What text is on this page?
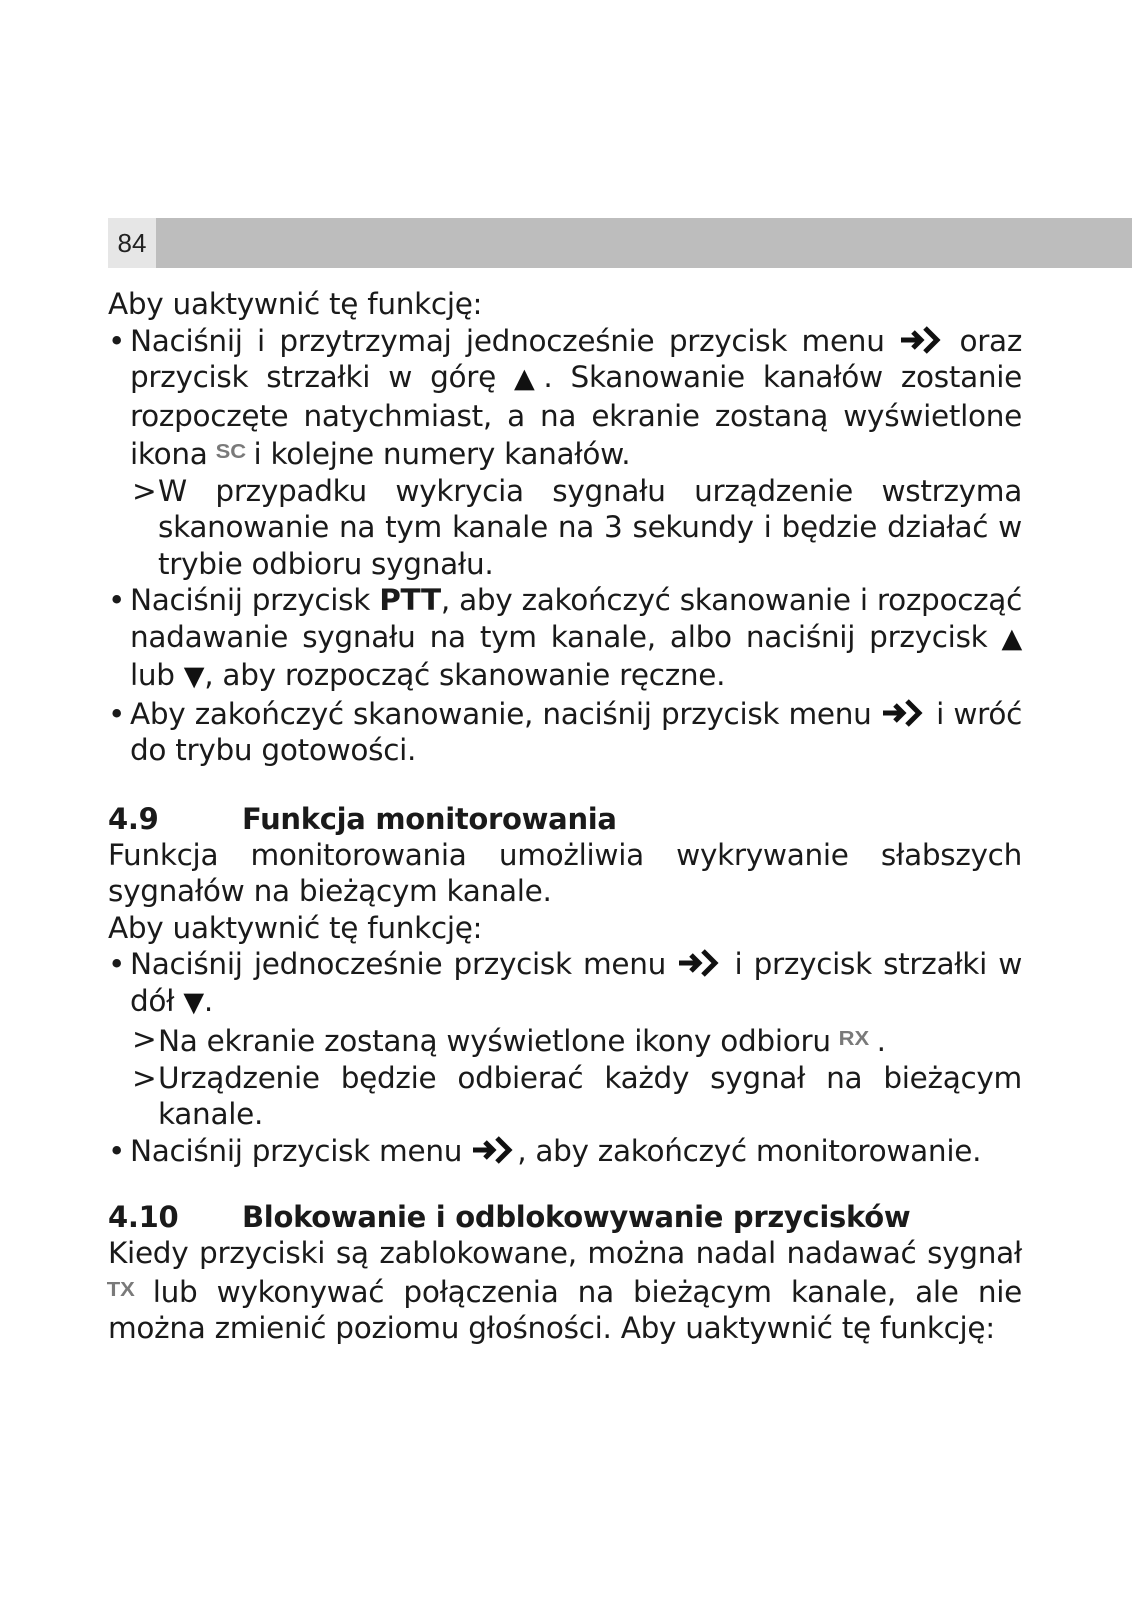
84

Aby uaktywnić tę funkcję:

• Naciśnij i przytrzymaj jednocześnie przycisk menu	oraz przycisk strzałki w górę ▲. Skanowanie kanałów zostanie rozpoczęte natychmiast, a na ekranie zostaną wyświetlone ikona SC i kolejne numery kanałów.
> W przypadku wykrycia sygnału urządzenie wstrzyma skanowanie na tym kanale na 3 sekundy i będzie działać w trybie odbioru sygnału.
• Naciśnij przycisk PTT, aby zakończyć skanowanie i rozpocząć nadawanie sygnału na tym kanale, albo naciśnij przycisk ▲ lub ▼, aby rozpocząć skanowanie ręczne.
• Aby zakończyć skanowanie, naciśnij przycisk menu i wróć do trybu gotowości.
4.9	Funkcja monitorowania

Funkcja monitorowania umożliwia wykrywanie słabszych sygnałów na bieżącym kanale.

Aby uaktywnić tę funkcję:

• Naciśnij jednocześnie przycisk menu i przycisk strzałki w dół ▼.
> Na ekranie zostaną wyświetlone ikony odbioru RX .
> Urządzenie będzie odbierać każdy sygnał na bieżącym kanale.
• Naciśnij przycisk menu , aby zakończyć monitorowanie.
4.10	Blokowanie i odblokowywanie przycisków

Kiedy przyciski są zablokowane, można nadal nadawać sygnał TX lub wykonywać połączenia na bieżącym kanale, ale nie można zmienić poziomu głośności. Aby uaktywnić tę funkcję:
